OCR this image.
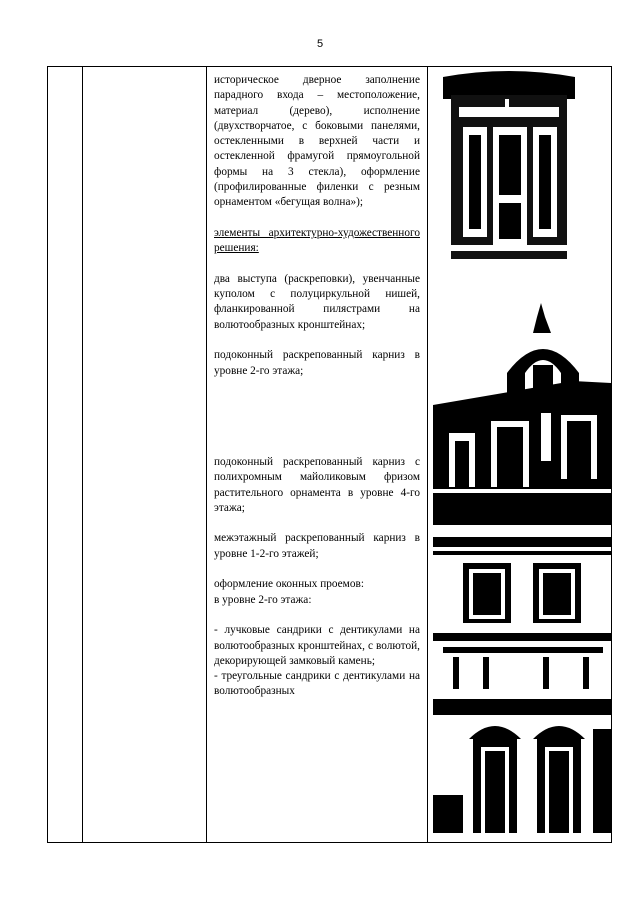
5

историческое дверное заполнение парадного входа – местоположение, материал (дерево), исполнение (двухстворчатое, с боковыми панелями, остекленными в верхней части и остекленной фрамугой прямоугольной формы на 3 стекла), оформление (профилированные филенки с резным орнаментом «бегущая волна»);

элементы архитектурно-художественного решения:

два выступа (раскреповки), увенчанные куполом с полуциркульной нишей, фланкированной пилястрами на волютообразных кронштейнах;

подоконный раскрепованный карниз в уровне 2-го этажа;

подоконный раскрепованный карниз с полихромным майоликовым фризом растительного орнамента в уровне 4-го этажа;

межэтажный раскрепованный карниз в уровне 1-2-го этажей;

оформление оконных проемов:

в уровне 2-го этажа:

- лучковые сандрики с дентикулами на волютообразных кронштейнах, с волютой, декорирующей замковый камень;

- треугольные сандрики с дентикулами на волютообразных
